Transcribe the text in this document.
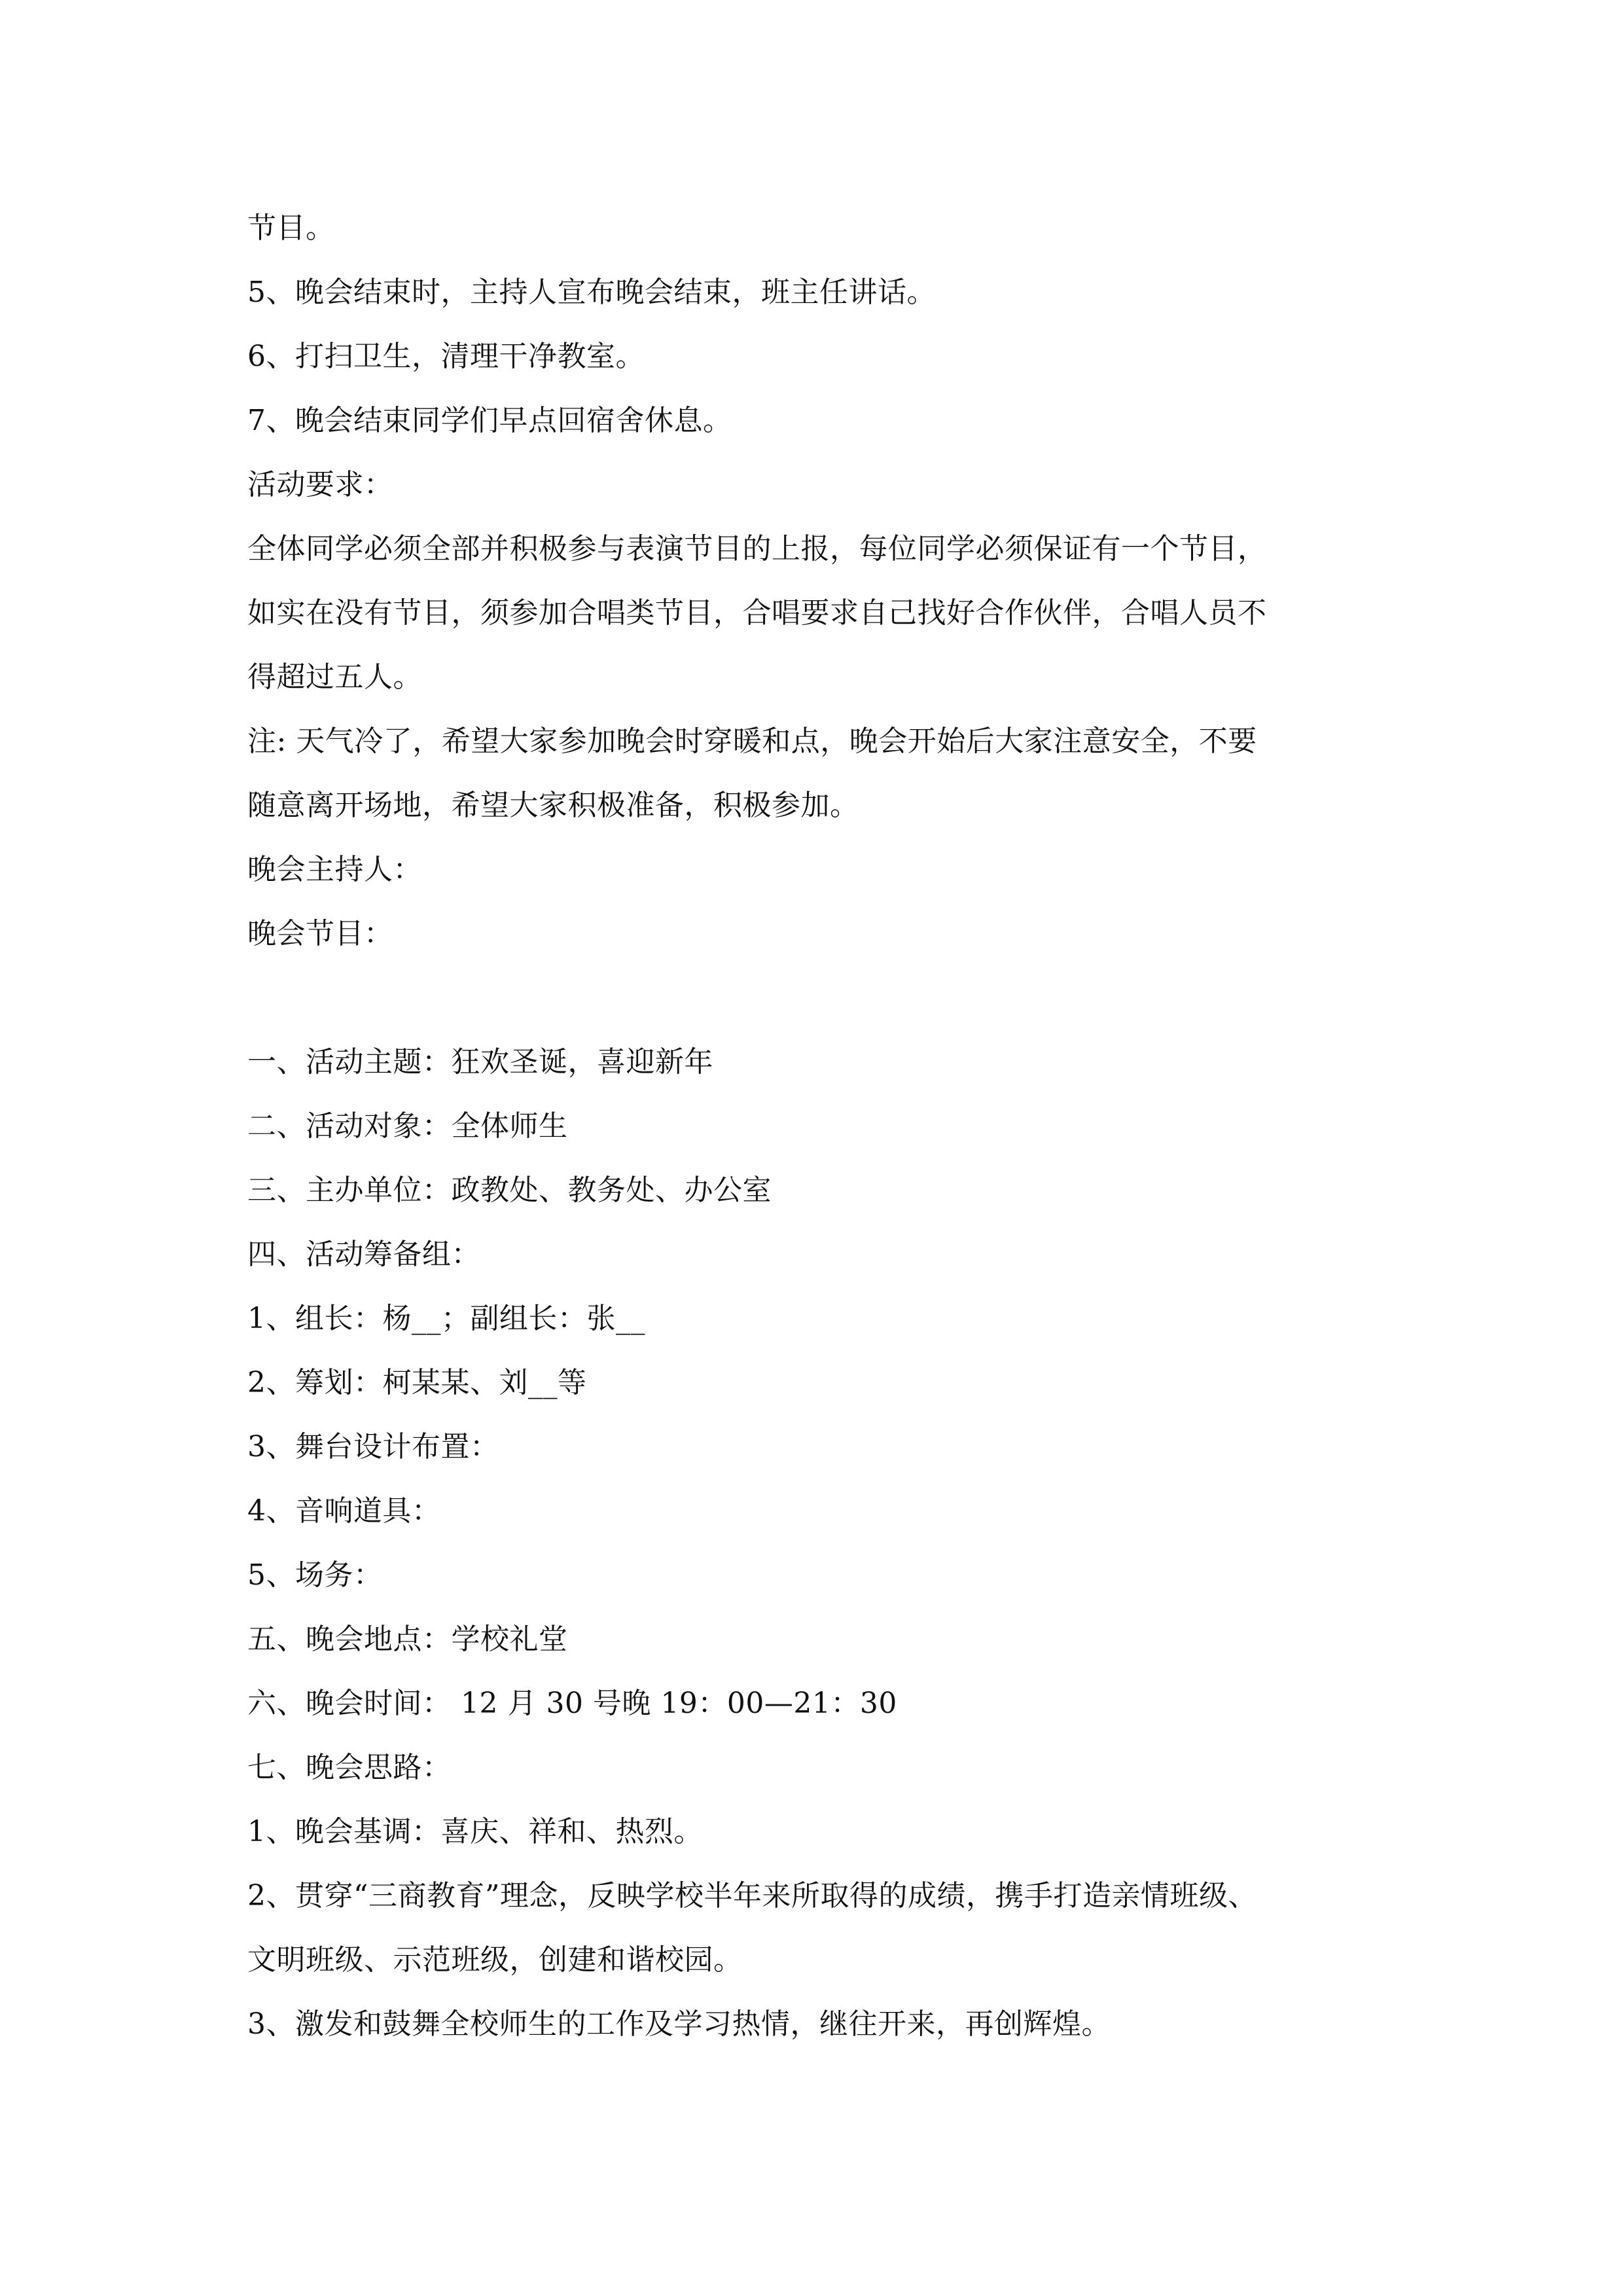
节目。
5、晚会结束时，主持人宣布晚会结束，班主任讲话。
6、打扫卫生，清理干净教室。
7、晚会结束同学们早点回宿舍休息。
活动要求：
全体同学必须全部并积极参与表演节目的上报，每位同学必须保证有一个节目，
如实在没有节目，须参加合唱类节目，合唱要求自己找好合作伙伴，合唱人员不
得超过五人。
注: 天气冷了，希望大家参加晚会时穿暖和点，晚会开始后大家注意安全，不要
随意离开场地，希望大家积极准备，积极参加。
晚会主持人：
晚会节目：
一、活动主题：狂欢圣诞，喜迎新年
二、活动对象：全体师生
三、主办单位：政教处、教务处、办公室
四、活动筹备组：
1、组长：杨__；副组长：张__
2、筹划：柯某某、刘__等
3、舞台设计布置：
4、音响道具：
5、场务：
五、晚会地点：学校礼堂
六、晚会时间： 12 月 30 号晚 19：00—21：30
七、晚会思路：
1、晚会基调：喜庆、祥和、热烈。
2、贯穿“三商教育”理念，反映学校半年来所取得的成绩，携手打造亲情班级、
文明班级、示范班级，创建和谐校园。
3、激发和鼓舞全校师生的工作及学习热情，继往开来，再创辉煌。
